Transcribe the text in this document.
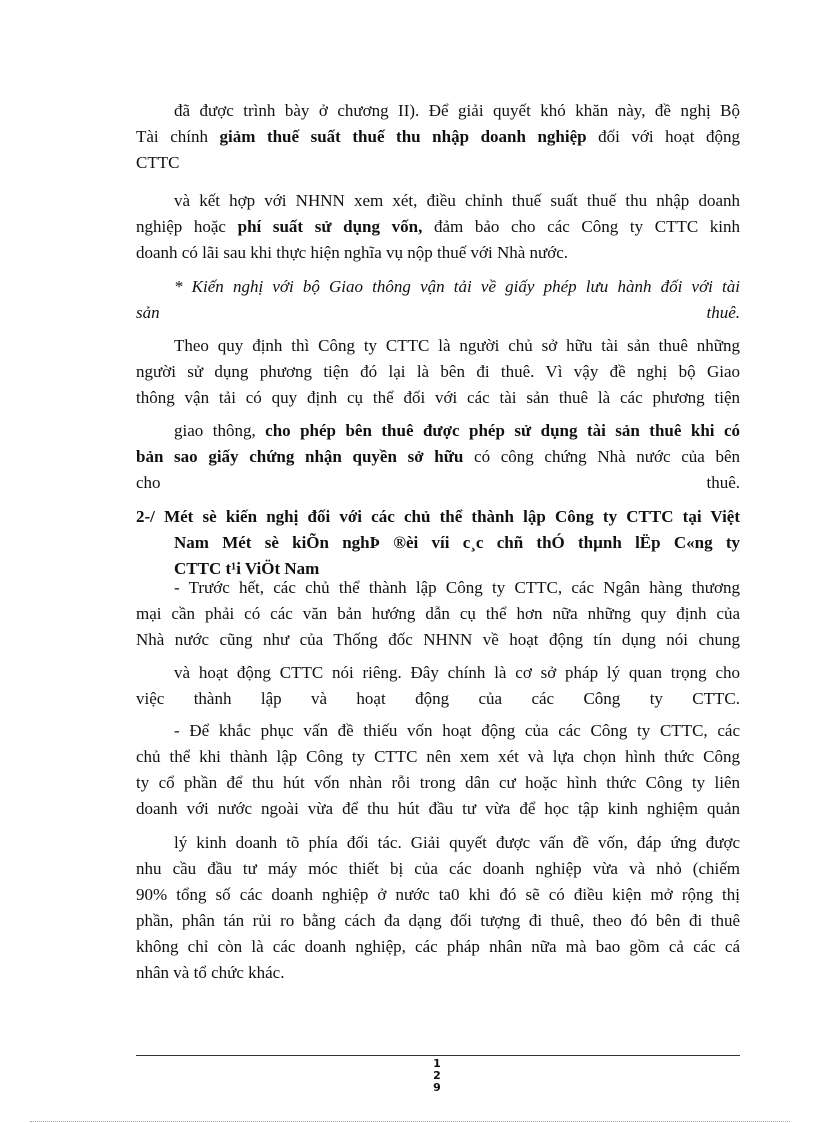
đã được trình bày ở chương II). Để giải quyết khó khăn này, đề nghị Bộ
Tài chính giảm thuế suất thuế thu nhập doanh nghiệp đối với hoạt động
CTTC
và kết hợp với NHNN xem xét, điều chỉnh thuế suất thuế thu nhập doanh
nghiệp hoặc phí suất sử dụng vốn, đảm bảo cho các Công ty CTTC kinh
doanh có lãi sau khi thực hiện nghĩa vụ nộp thuế với Nhà nước.
* Kiến nghị với bộ Giao thông vận tải về giấy phép lưu hành đối với tài
sản	thuê.
Theo quy định thì Công ty CTTC là người chủ sở hữu tài sản thuê những
người sử dụng phương tiện đó lại là bên đi thuê. Vì vậy đề nghị bộ Giao
thông vận tải có quy định cụ thể đối với các tài sản thuê là các phương tiện
giao thông, cho phép bên thuê được phép sử dụng tài sản thuê khi có
bản sao giấy chứng nhận quyền sở hữu có công chứng Nhà nước của bên
cho	thuê.
2-/ Mét sè kiến nghị đối với các chủ thể thành lập Công ty CTTC tại Việt
Nam Mét sè kiÕn nghÞ ®èi víi c¸c chñ thÓ thµnh lËp C«ng ty
CTTC t¹i ViÖt Nam
- Trước hết, các chủ thể thành lập Công ty CTTC, các Ngân hàng thương
mại cần phải có các văn bản hướng dẫn cụ thể hơn nữa những quy định của
Nhà nước cũng như của Thống đốc NHNN về hoạt động tín dụng nói chung
và hoạt động CTTC nói riêng. Đây chính là cơ sở pháp lý quan trọng cho
việc thành lập và hoạt động của các Công ty CTTC.
- Để khắc phục vấn đề thiếu vốn hoạt động của các Công ty CTTC, các
chủ thể khi thành lập Công ty CTTC nên xem xét và lựa chọn hình thức Công
ty cổ phần để thu hút vốn nhàn rỗi trong dân cư hoặc hình thức Công ty liên
doanh với nước ngoài vừa để thu hút đầu tư vừa để học tập kinh nghiệm quản
lý kinh doanh tõ phía đối tác. Giải quyết được vấn đề vốn, đáp ứng được
nhu cầu đầu tư máy móc thiết bị của các doanh nghiệp vừa và nhỏ (chiếm
90% tổng số các doanh nghiệp ở nước ta0 khi đó sẽ có điều kiện mở rộng thị
phần, phân tán rủi ro bằng cách đa dạng đối tượng đi thuê, theo đó bên đi thuê
không chỉ còn là các doanh nghiệp, các pháp nhân nữa mà bao gồm cả các cá
nhân và tổ chức khác.
1
2
9
